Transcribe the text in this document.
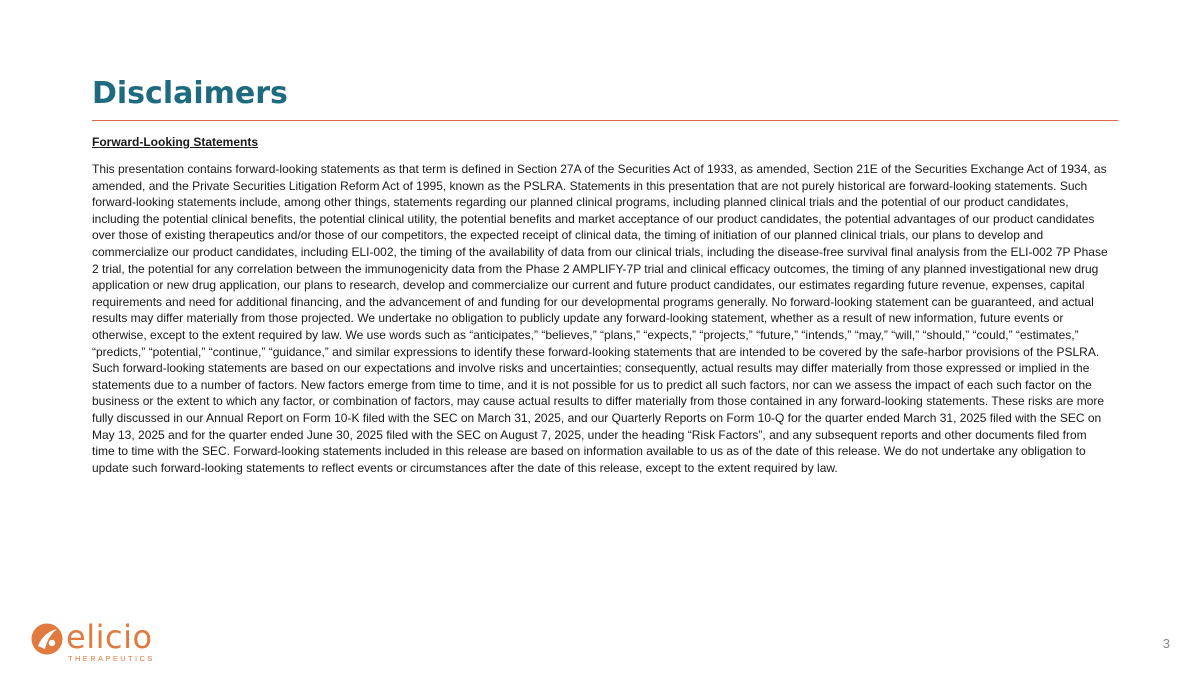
Disclaimers

Forward-Looking Statements

This presentation contains forward-looking statements as that term is defined in Section 27A of the Securities Act of 1933, as amended, Section 21E of the Securities Exchange Act of 1934, as amended, and the Private Securities Litigation Reform Act of 1995, known as the PSLRA. Statements in this presentation that are not purely historical are forward-looking statements. Such forward-looking statements include, among other things, statements regarding our planned clinical programs, including planned clinical trials and the potential of our product candidates, including the potential clinical benefits, the potential clinical utility, the potential benefits and market acceptance of our product candidates, the potential advantages of our product candidates over those of existing therapeutics and/or those of our competitors, the expected receipt of clinical data, the timing of initiation of our planned clinical trials, our plans to develop and commercialize our product candidates, including ELI-002, the timing of the availability of data from our clinical trials, including the disease-free survival final analysis from the ELI-002 7P Phase 2 trial, the potential for any correlation between the immunogenicity data from the Phase 2 AMPLIFY-7P trial and clinical efficacy outcomes, the timing of any planned investigational new drug application or new drug application, our plans to research, develop and commercialize our current and future product candidates, our estimates regarding future revenue, expenses, capital requirements and need for additional financing, and the advancement of and funding for our developmental programs generally. No forward-looking statement can be guaranteed, and actual results may differ materially from those projected. We undertake no obligation to publicly update any forward-looking statement, whether as a result of new information, future events or otherwise, except to the extent required by law. We use words such as “anticipates,” “believes,” “plans,” “expects,” “projects,” “future,” “intends,” “may,” “will,” “should,” “could,” “estimates,” “predicts,” “potential,” “continue,” “guidance,” and similar expressions to identify these forward-looking statements that are intended to be covered by the safe-harbor provisions of the PSLRA. Such forward-looking statements are based on our expectations and involve risks and uncertainties; consequently, actual results may differ materially from those expressed or implied in the statements due to a number of factors. New factors emerge from time to time, and it is not possible for us to predict all such factors, nor can we assess the impact of each such factor on the business or the extent to which any factor, or combination of factors, may cause actual results to differ materially from those contained in any forward-looking statements. These risks are more fully discussed in our Annual Report on Form 10-K filed with the SEC on March 31, 2025, and our Quarterly Reports on Form 10-Q for the quarter ended March 31, 2025 filed with the SEC on May 13, 2025 and for the quarter ended June 30, 2025 filed with the SEC on August 7, 2025, under the heading “Risk Factors”, and any subsequent reports and other documents filed from time to time with the SEC. Forward-looking statements included in this release are based on information available to us as of the date of this release. We do not undertake any obligation to update such forward-looking statements to reflect events or circumstances after the date of this release, except to the extent required by law.

elicio
THERAPEUTICS
3
